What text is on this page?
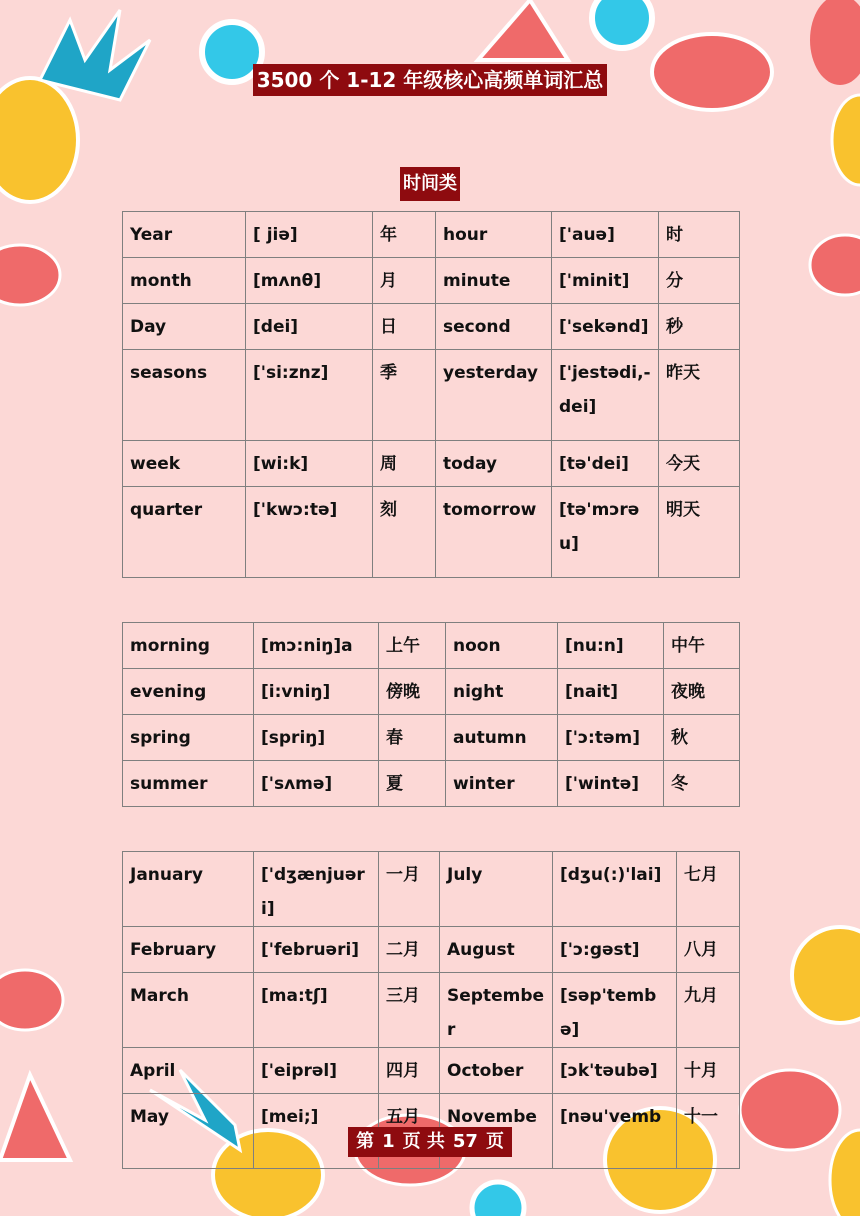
3500 个 1-12 年级核心高频单词汇总
时间类
Year	[ jiə]	年	hour	['auə]	时
month	[mʌnθ]	月	minute	['minit]	分
Day	[dei]	日	second	['sekənd]	秒
seasons	['si:znz]	季	yesterday	['jestədi,-dei]	昨天
week	[wi:k]	周	today	[tə'dei]	今天
quarter	['kwɔ:tə]	刻	tomorrow	[tə'mɔrəu]	明天
morning	[mɔ:niŋ]a	上午	noon	[nu:n]	中午
evening	[i:vniŋ]	傍晚	night	[nait]	夜晚
spring	[spriŋ]	春	autumn	['ɔ:təm]	秋
summer	['sʌmə]	夏	winter	['wintə]	冬
January	['dʒænjuəri]	一月	July	[dʒu(:)'lai]	七月
February	['februəri]	二月	August	['ɔ:gəst]	八月
March	[ma:tʃ]	三月	September	[səp'tembə]	九月
April	['eiprəl]	四月	October	[ɔk'təubə]	十月
May	[mei;]	五月	Novembe	[nəu'vemb	十一
第 1 页 共 57 页
